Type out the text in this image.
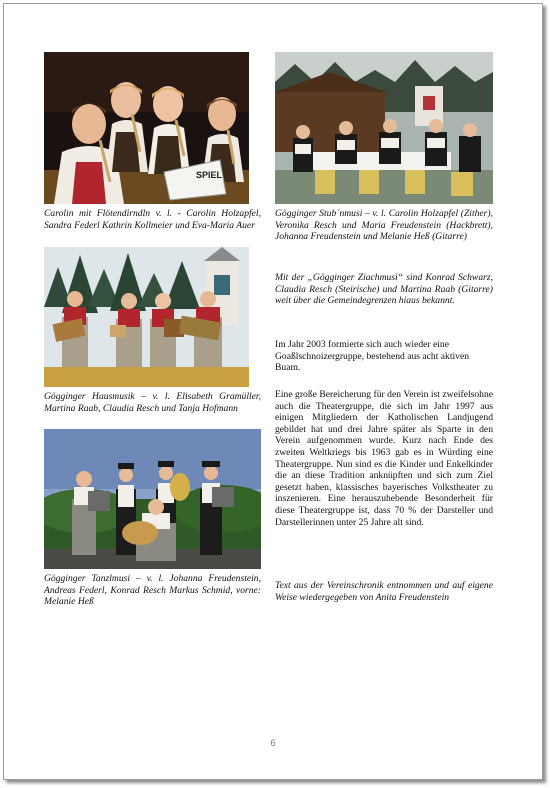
SPIEL
Carolin mit Flötendirndln v. l. - Carolin Holzapfel, Sandra Federl Kathrin Kollmeier und Eva-Maria Auer
Gögginger Stub´nmusi – v. l. Carolin Holzapfel (Zither), Veronika Resch und Maria Freudenstein (Hackbrett), Johanna Freudenstein und Melanie Heß (Gitarre)
Gögginger Hausmusik – v. l. Elisabeth Gramüller, Martina Raab, Claudia Resch und Tanja Hofmann
Gögginger Tanzlmusi – v. l. Johanna Freudenstein, Andreas Federl, Konrad Resch Markus Schmid, vorne: Melanie Heß
Mit der „Gögginger Ziachmusi“ sind Konrad Schwarz, Claudia Resch (Steirische) und Martina Raab (Gitarre) weit über die Gemeindegrenzen hiaus bekannt.
Im Jahr 2003 formierte sich auch wieder eine Goaßlschnoizergruppe, bestehend aus acht aktiven Buam.
Eine große Bereicherung für den Verein ist zweifelsohne auch die Theatergruppe, die sich im Jahr 1997 aus einigen Mitgliedern der Katholischen Landjugend gebildet hat und drei Jahre später als Sparte in den Verein aufgenommen wurde. Kurz nach Ende des zweiten Weltkriegs bis 1963 gab es in Würding eine Theatergruppe. Nun sind es die Kinder und Enkelkinder die an diese Tradition anknüpften und sich zum Ziel gesetzt haben, klassisches bayerisches Volkstheater zu inszenieren. Eine herauszuhebende Besonderheit für diese Theatergruppe ist, dass 70 % der Darsteller und Darstellerinnen unter 25 Jahre alt sind.
Text aus der Vereinschronik entnommen und auf eigene Weise wiedergegeben von Anita Freudenstein
6
